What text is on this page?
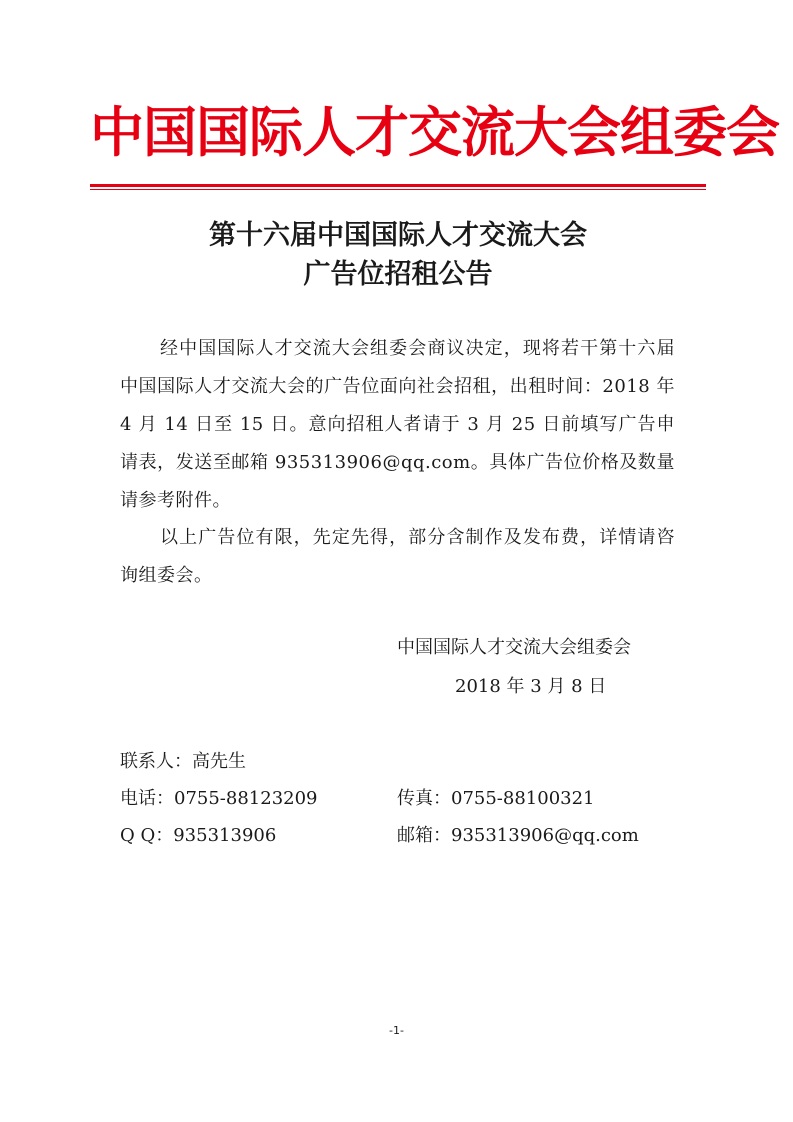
中国国际人才交流大会组委会
第十六届中国国际人才交流大会
广告位招租公告
经中国国际人才交流大会组委会商议决定，现将若干第十六届中国国际人才交流大会的广告位面向社会招租，出租时间：2018 年 4 月 14 日至 15 日。意向招租人者请于 3 月 25 日前填写广告申请表，发送至邮箱 935313906@qq.com。具体广告位价格及数量请参考附件。
以上广告位有限，先定先得，部分含制作及发布费，详情请咨询组委会。
中国国际人才交流大会组委会
2018 年 3 月 8 日
联系人：高先生
电话：0755-88123209	传真：0755-88100321
Q Q：935313906	邮箱：935313906@qq.com
-1-
